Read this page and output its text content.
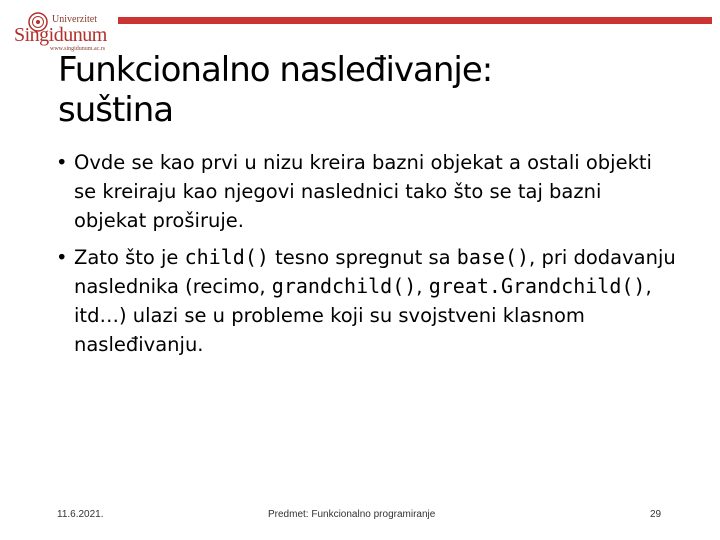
Univerzitet
Singidunum
www.singidunum.ac.rs
Funkcionalno nasleđivanje:
suština
• Ovde se kao prvi u nizu kreira bazni objekat a ostali objekti se kreiraju kao njegovi naslednici tako što se taj bazni objekat proširuje.
• Zato što je child() tesno spregnut sa base(), pri dodavanju naslednika (recimo, grandchild(), great.Grandchild(), itd…) ulazi se u probleme koji su svojstveni klasnom nasleđivanju.
11.6.2021.	Predmet: Funkcionalno programiranje	29
